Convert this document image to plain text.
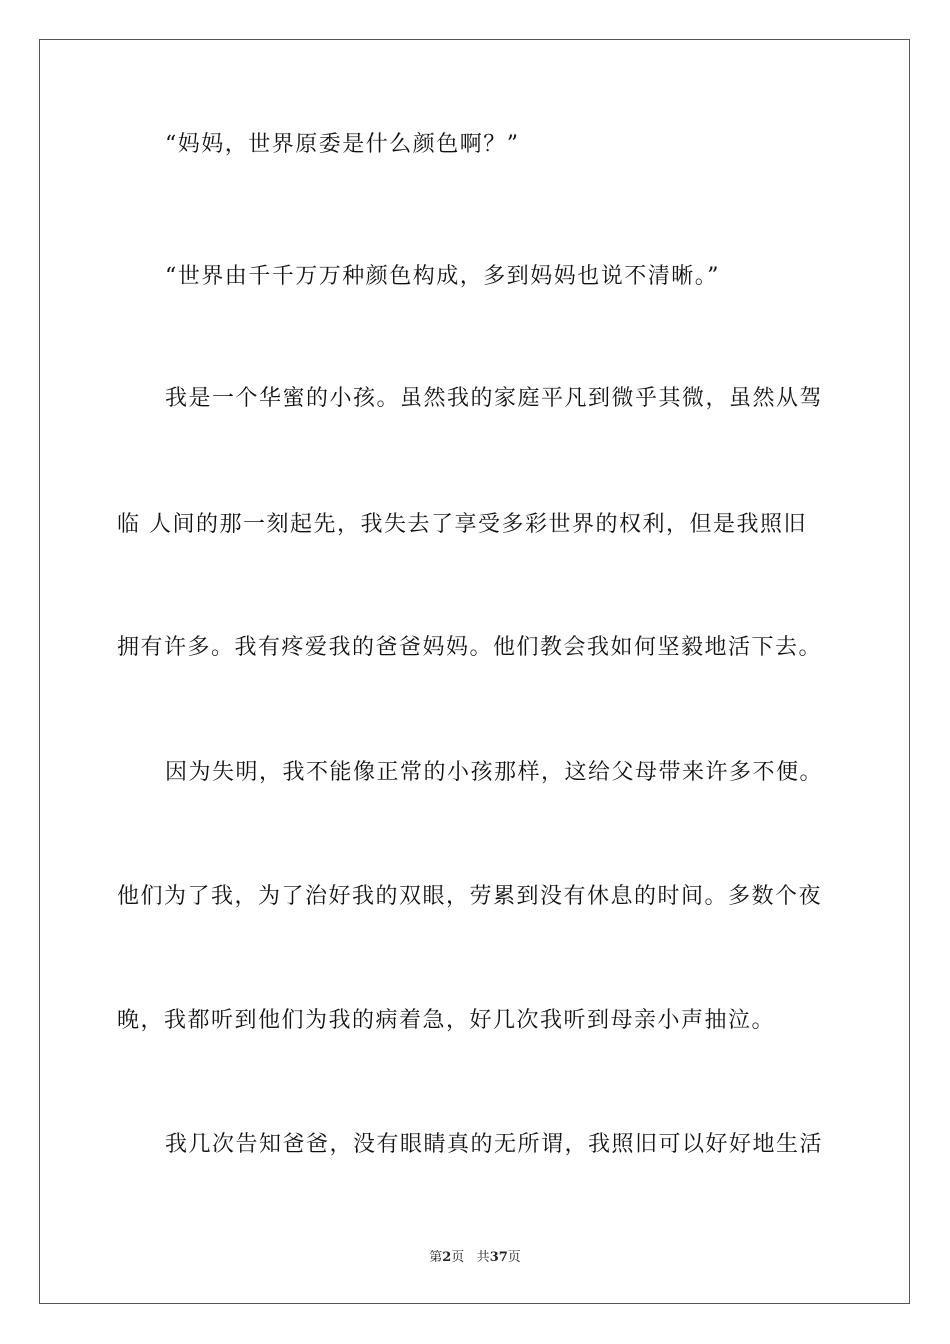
“妈妈，世界原委是什么颜色啊？”
“世界由千千万万种颜色构成，多到妈妈也说不清晰。”
我是一个华蜜的小孩。虽然我的家庭平凡到微乎其微，虽然从驾
临 人间的那一刻起先，我失去了享受多彩世界的权利，但是我照旧
拥有许多。我有疼爱我的爸爸妈妈。他们教会我如何坚毅地活下去。
因为失明，我不能像正常的小孩那样，这给父母带来许多不便。
他们为了我，为了治好我的双眼，劳累到没有休息的时间。多数个夜
晚，我都听到他们为我的病着急，好几次我听到母亲小声抽泣。
我几次告知爸爸，没有眼睛真的无所谓，我照旧可以好好地生活
第2页 共37页
